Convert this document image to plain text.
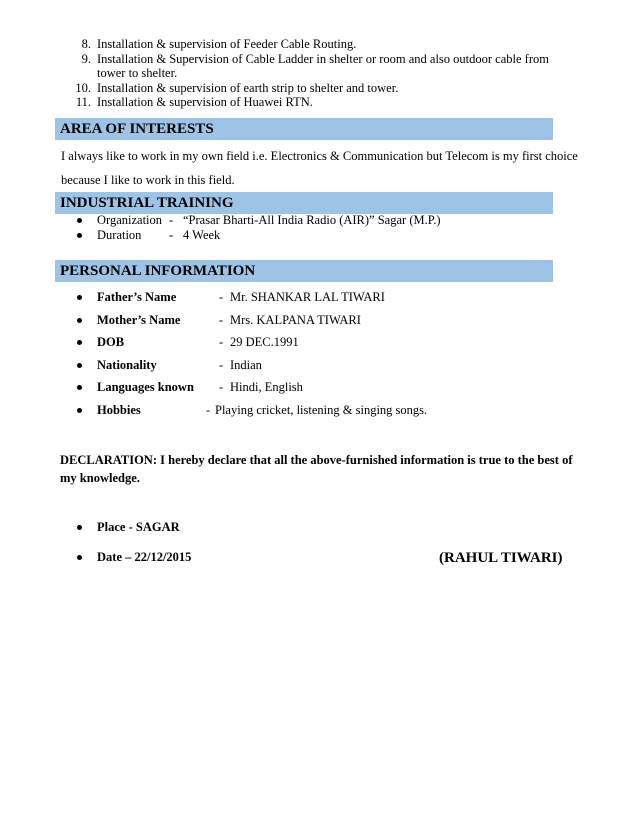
8. Installation & supervision of Feeder Cable Routing.
9. Installation & Supervision of Cable Ladder in shelter or room and also outdoor cable from tower to shelter.
10. Installation & supervision of earth strip to shelter and tower.
11. Installation & supervision of Huawei RTN.
AREA OF INTERESTS
I always like to work in my own field i.e. Electronics & Communication but Telecom is my first choice because I like to work in this field.
INDUSTRIAL TRAINING
Organization - “Prasar Bharti-All India Radio (AIR)” Sagar (M.P.)
Duration - 4 Week
PERSONAL INFORMATION
Father’s Name	- Mr. SHANKAR LAL TIWARI
Mother’s Name	- Mrs. KALPANA TIWARI
DOB	- 29 DEC.1991
Nationality	- Indian
Languages known - Hindi, English
Hobbies	- Playing cricket, listening & singing songs.
DECLARATION: I hereby declare that all the above-furnished information is true to the best of my knowledge.
Place - SAGAR
Date – 22/12/2015	(RAHUL TIWARI)
